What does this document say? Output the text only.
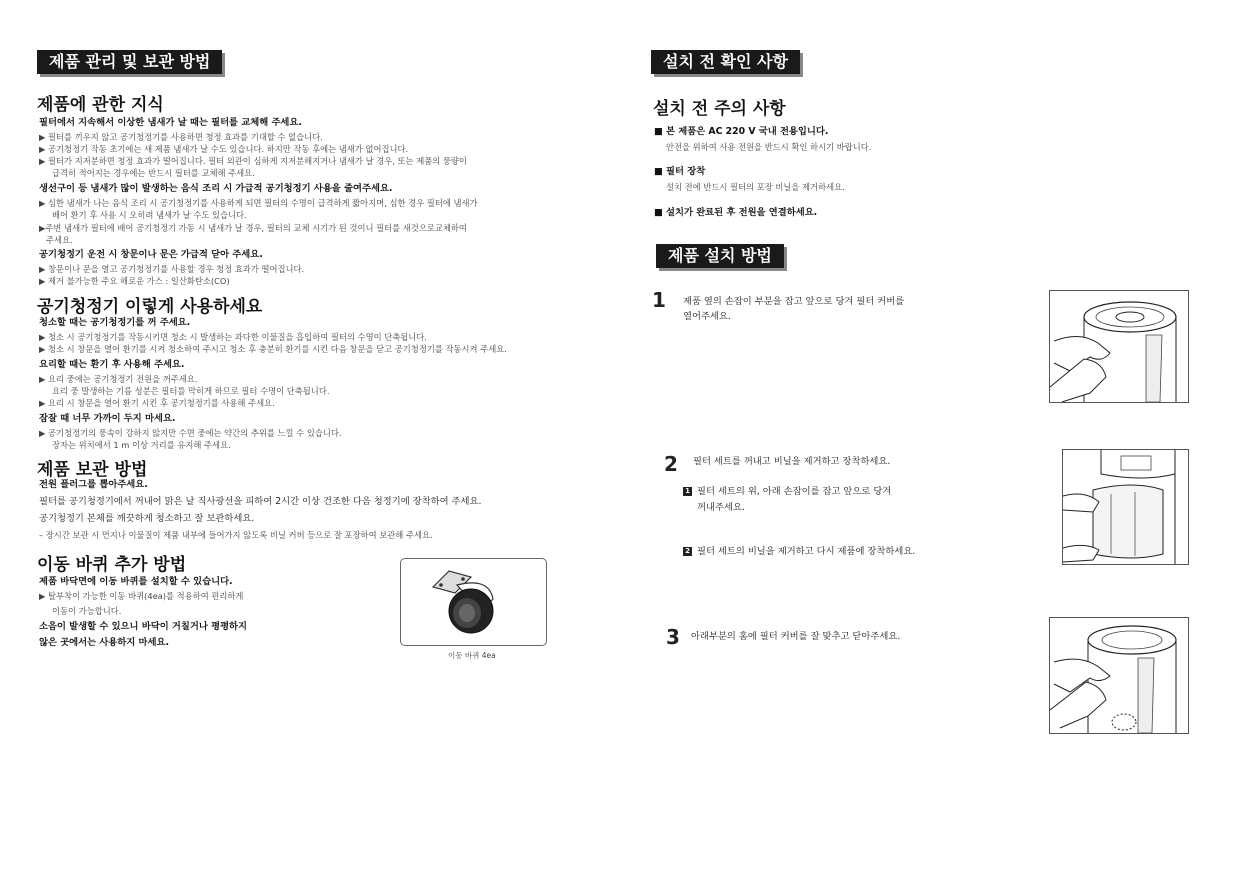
제품 관리 및 보관 방법
제품에 관한 지식
필터에서 지속해서 이상한 냄새가 날 때는 필터를 교체해 주세요.
▶ 필터를 끼우지 않고 공기청정기를 사용하면 청정 효과를 기대할 수 없습니다.
▶ 공기청정기 작동 초기에는 새 제품 냄새가 날 수도 있습니다. 하지만 작동 후에는 냄새가 없어집니다.
▶ 필터가 지저분하면 청정 효과가 떨어집니다. 필터 외관이 심하게 지저분해지거나 냄새가 날 경우, 또는 제품의 풍량이
급격히 적어지는 경우에는 반드시 필터를 교체해 주세요.
생선구이 등 냄새가 많이 발생하는 음식 조리 시 가급적 공기청정기 사용을 줄여주세요.
▶ 심한 냄새가 나는 음식 조리 시 공기청정기를 사용하게 되면 필터의 수명이 급격하게 짧아지며, 심한 경우 필터에 냄새가
배어 환기 후 사용 시 오히려 냄새가 날 수도 있습니다.
▶주변 냄새가 필터에 배어 공기청정기 가동 시 냄새가 날 경우, 필터의 교체 시기가 된 것이니 필터를 새것으로교체하여
주세요.
공기청정기 운전 시 창문이나 문은 가급적 닫아 주세요.
▶ 창문이나 문을 열고 공기청정기를 사용할 경우 청정 효과가 떨어집니다.
▶ 제거 불가능한 주요 해로운 가스 : 일산화탄소(CO)
공기청정기 이렇게 사용하세요
청소할 때는 공기청정기를 꺼 주세요.
▶ 청소 시 공기청정기를 작동시키면 청소 시 발생하는 과다한 이물질을 흡입하여 필터의 수명이 단축됩니다.
▶ 청소 시 창문을 열어 환기를 시켜 청소하여 주시고 청소 후 충분히 환기를 시킨 다음 창문을 닫고 공기청정기를 작동시켜 주세요.
요리할 때는 환기 후 사용해 주세요.
▶ 요리 중에는 공기청정기 전원을 꺼주세요.
요리 중 발생하는 기름 성분은 필터를 막히게 하므로 필터 수명이 단축됩니다.
▶ 요리 시 창문을 열어 환기 시킨 후 공기청정기를 사용해 주세요.
잠잘 때 너무 가까이 두지 마세요.
▶ 공기청정기의 풍속이 강하지 않지만 수면 중에는 약간의 추위를 느낄 수 있습니다.
장자는 위치에서 1 m 이상 거리를 유지해 주세요.
제품 보관 방법
전원 플러그를 뽑아주세요.
필터를 공기청정기에서 꺼내어 맑은 날 직사광선을 피하여 2시간 이상 건조한 다음 청정기에 장착하여 주세요.
공기청정기 본체를 깨끗하게 청소하고 잘 보관하세요.
– 장시간 보관 시 먼지나 이물질이 제품 내부에 들어가지 않도록 비닐 커버 등으로 잘 포장하여 보관해 주세요.
이동 바퀴 추가 방법
제품 바닥면에 이동 바퀴를 설치할 수 있습니다.
▶ 탈부착이 가능한 이동 바퀴(4ea)를 적용하여 편리하게
이동이 가능합니다.
소음이 발생할 수 있으니 바닥이 거칠거나 평평하지
않은 곳에서는 사용하지 마세요.
이동 바퀴 4ea
설치 전 확인 사항
설치 전 주의 사항
■ 본 제품은 AC 220 V 국내 전용입니다.
안전을 위하여 사용 전원을 반드시 확인 하시기 바랍니다.
■ 필터 장착
설치 전에 반드시 필터의 포장 비닐을 제거하세요.
■ 설치가 완료된 후 전원을 연결하세요.
제품 설치 방법
1 제품 옆의 손잡이 부분을 잡고 앞으로 당겨 필터 커버를
열어주세요.
2 필터 세트를 꺼내고 비닐을 제거하고 장착하세요.
1 필터 세트의 위, 아래 손잡이를 잡고 앞으로 당겨
꺼내주세요.
2 필터 세트의 비닐을 제거하고 다시 제품에 장착하세요.
3 아래부분의 홈에 필터 커버를 잘 맞추고 닫아주세요.
